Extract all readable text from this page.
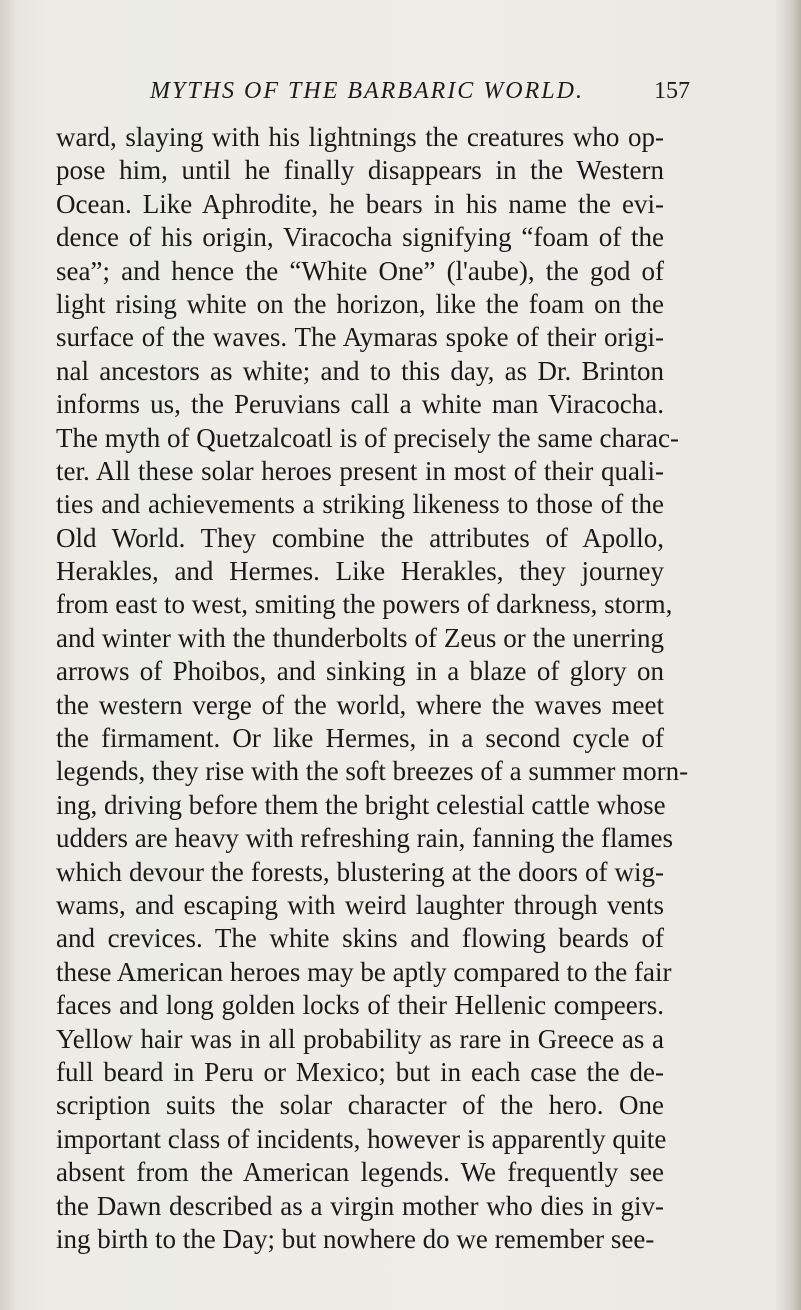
MYTHS OF THE BARBARIC WORLD.	157
ward, slaying with his lightnings the creatures who op-
pose him, until he finally disappears in the Western
Ocean. Like Aphrodite, he bears in his name the evi-
dence of his origin, Viracocha signifying “foam of the
sea”; and hence the “White One” (l'aube), the god of
light rising white on the horizon, like the foam on the
surface of the waves. The Aymaras spoke of their origi-
nal ancestors as white; and to this day, as Dr. Brinton
informs us, the Peruvians call a white man Viracocha.
The myth of Quetzalcoatl is of precisely the same charac-
ter. All these solar heroes present in most of their quali-
ties and achievements a striking likeness to those of the
Old World. They combine the attributes of Apollo,
Herakles, and Hermes. Like Herakles, they journey
from east to west, smiting the powers of darkness, storm,
and winter with the thunderbolts of Zeus or the unerring
arrows of Phoibos, and sinking in a blaze of glory on
the western verge of the world, where the waves meet
the firmament. Or like Hermes, in a second cycle of
legends, they rise with the soft breezes of a summer morn-
ing, driving before them the bright celestial cattle whose
udders are heavy with refreshing rain, fanning the flames
which devour the forests, blustering at the doors of wig-
wams, and escaping with weird laughter through vents
and crevices. The white skins and flowing beards of
these American heroes may be aptly compared to the fair
faces and long golden locks of their Hellenic compeers.
Yellow hair was in all probability as rare in Greece as a
full beard in Peru or Mexico; but in each case the de-
scription suits the solar character of the hero. One
important class of incidents, however is apparently quite
absent from the American legends. We frequently see
the Dawn described as a virgin mother who dies in giv-
ing birth to the Day; but nowhere do we remember see-
